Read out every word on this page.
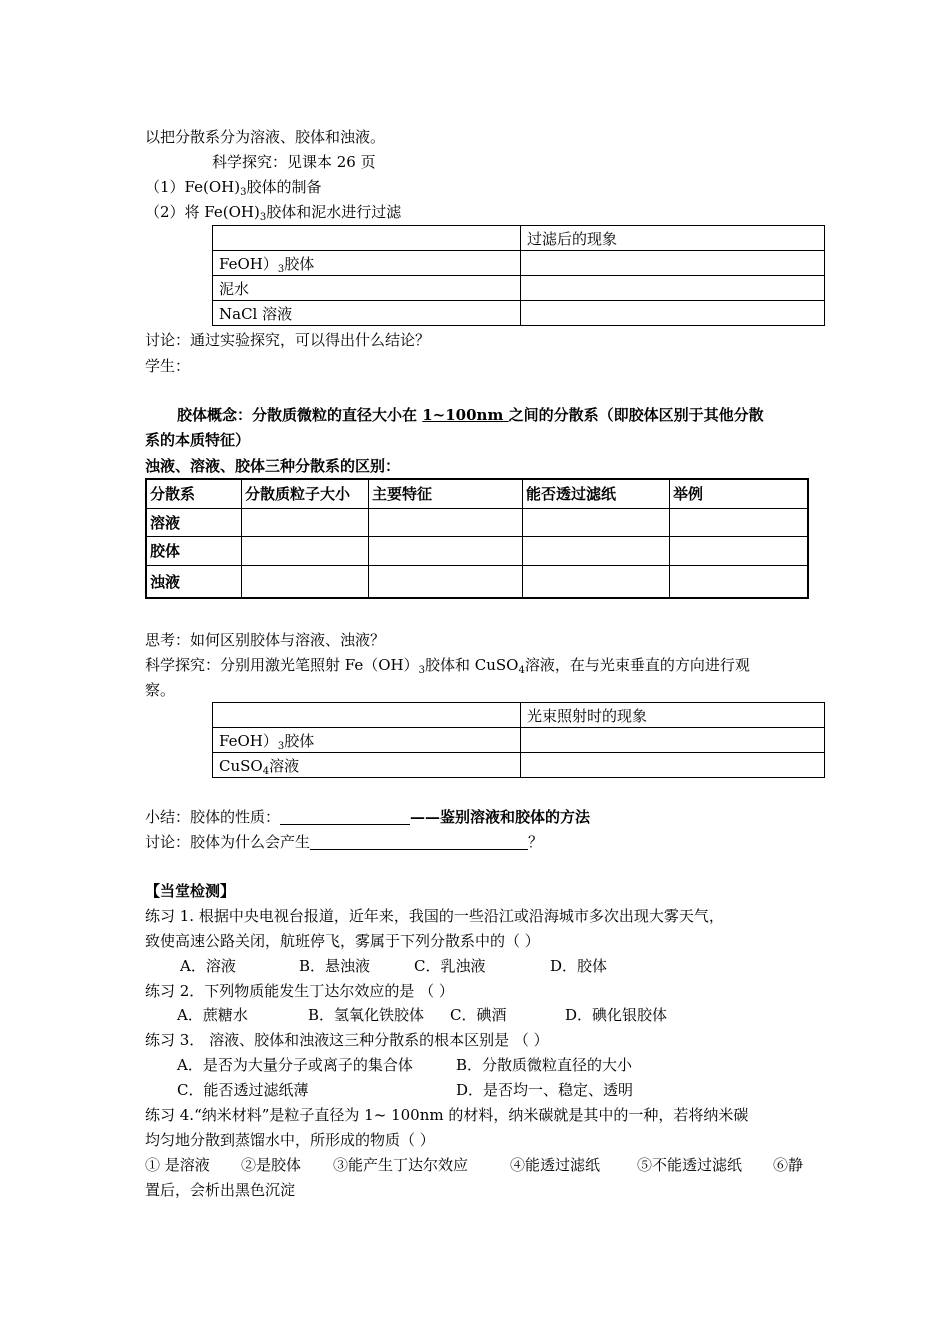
以把分散系分为溶液、胶体和浊液。
科学探究：见课本 26 页
$(1)Fe(OH)_3$胶体的制备
（2）将 $Fe(OH)_3$胶体和泥水进行过滤
	过滤后的现象
$FeOH)_3$胶体	
泥水	
NaCl 溶液	
讨论：通过实验探究，可以得出什么结论？
学生：
胶体概念：分散质微粒的直径大小在 1~100nm 之间的分散系（即胶体区别于其他分散
系的本质特征）
浊液、溶液、胶体三种分散系的区别：
分散系	分散质粒子大小	主要特征	能否透过滤纸	举例
溶液				
胶体				
浊液				
思考：如何区别胶体与溶液、浊液？
科学探究：分别用激光笔照射 $Fe(OH)_3$胶体和 CuSO$_4$溶液，在与光束垂直的方向进行观
察。
	光束照射时的现象
$FeOH)_3$胶体	
CuSO$_4$溶液	
小结：胶体的性质：	——鉴别溶液和胶体的方法
讨论：胶体为什么会产生	？
【当堂检测】
练习 1. 根据中央电视台报道，近年来，我国的一些沿江或沿海城市多次出现大雾天气，
致使高速公路关闭，航班停飞，雾属于下列分散系中的（ ）
A．溶液	B．悬浊液	C．乳浊液	D．胶体
练习 2．下列物质能发生丁达尔效应的是 （ ）
A．蔗糖水	B．氢氧化铁胶体 C．碘酒	D．碘化银胶体
练习 3． 溶液、胶体和浊液这三种分散系的根本区别是 （ ）
A．是否为大量分子或离子的集合体	B．分散质微粒直径的大小
C．能否透过滤纸薄	D．是否均一、稳定、透明
练习 4.“纳米材料”是粒子直径为 1~ 100nm 的材料，纳米碳就是其中的一种，若将纳米碳
均匀地分散到蒸馏水中，所形成的物质（ ）
① 是溶液 ②是胶体 ③能产生丁达尔效应	④能透过滤纸 ⑤不能透过滤纸 ⑥静
置后，会析出黑色沉淀
